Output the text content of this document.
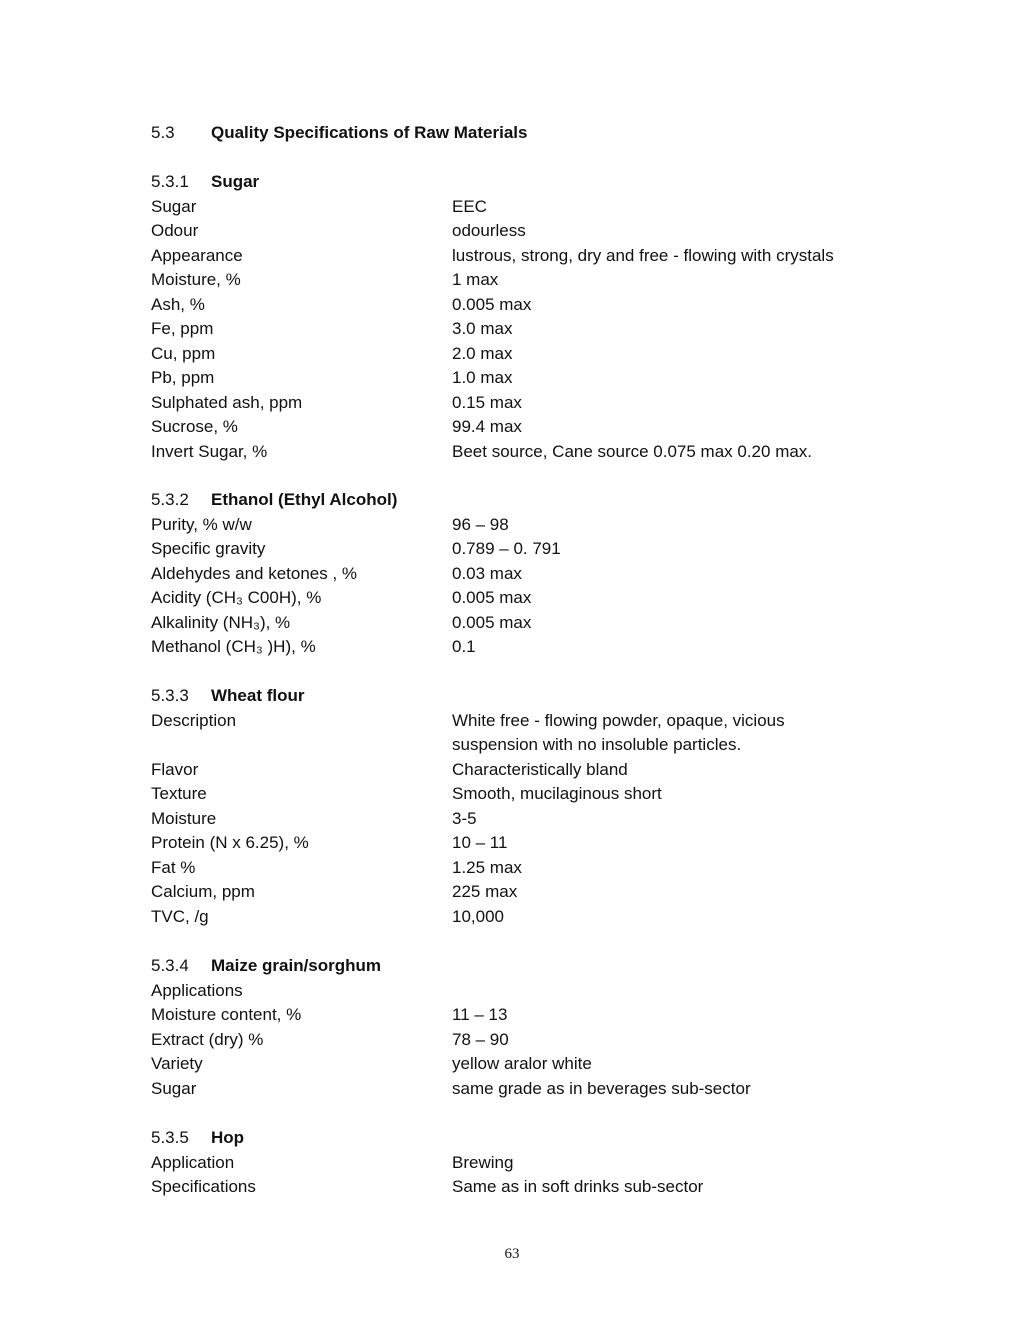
5.3 Quality Specifications of Raw Materials
5.3.1 Sugar
Sugar	EEC
Odour	odourless
Appearance	lustrous, strong, dry and free - flowing with crystals
Moisture, %	1 max
Ash, %	0.005 max
Fe, ppm	3.0 max
Cu, ppm	2.0 max
Pb, ppm	1.0 max
Sulphated ash, ppm	0.15 max
Sucrose, %	99.4 max
Invert Sugar, %	Beet source, Cane source 0.075 max 0.20 max.
5.3.2 Ethanol (Ethyl Alcohol)
Purity, % w/w	96 – 98
Specific gravity	0.789 – 0. 791
Aldehydes and ketones , %	0.03 max
Acidity (CH₃ C00H), %	0.005 max
Alkalinity (NH₃), %	0.005 max
Methanol (CH₃ )H), %	0.1
5.3.3 Wheat flour
Description	White free - flowing powder, opaque, vicious suspension with no insoluble particles.
Flavor	Characteristically bland
Texture	Smooth, mucilaginous short
Moisture	3-5
Protein (N x 6.25), %	10 – 11
Fat %	1.25 max
Calcium, ppm	225 max
TVC, /g	10,000
5.3.4 Maize grain/sorghum
Applications
Moisture content, %	11 – 13
Extract (dry) %	78 – 90
Variety	yellow aralor white
Sugar	same grade as in beverages sub-sector
5.3.5 Hop
Application	Brewing
Specifications	Same as in soft drinks sub-sector
63
